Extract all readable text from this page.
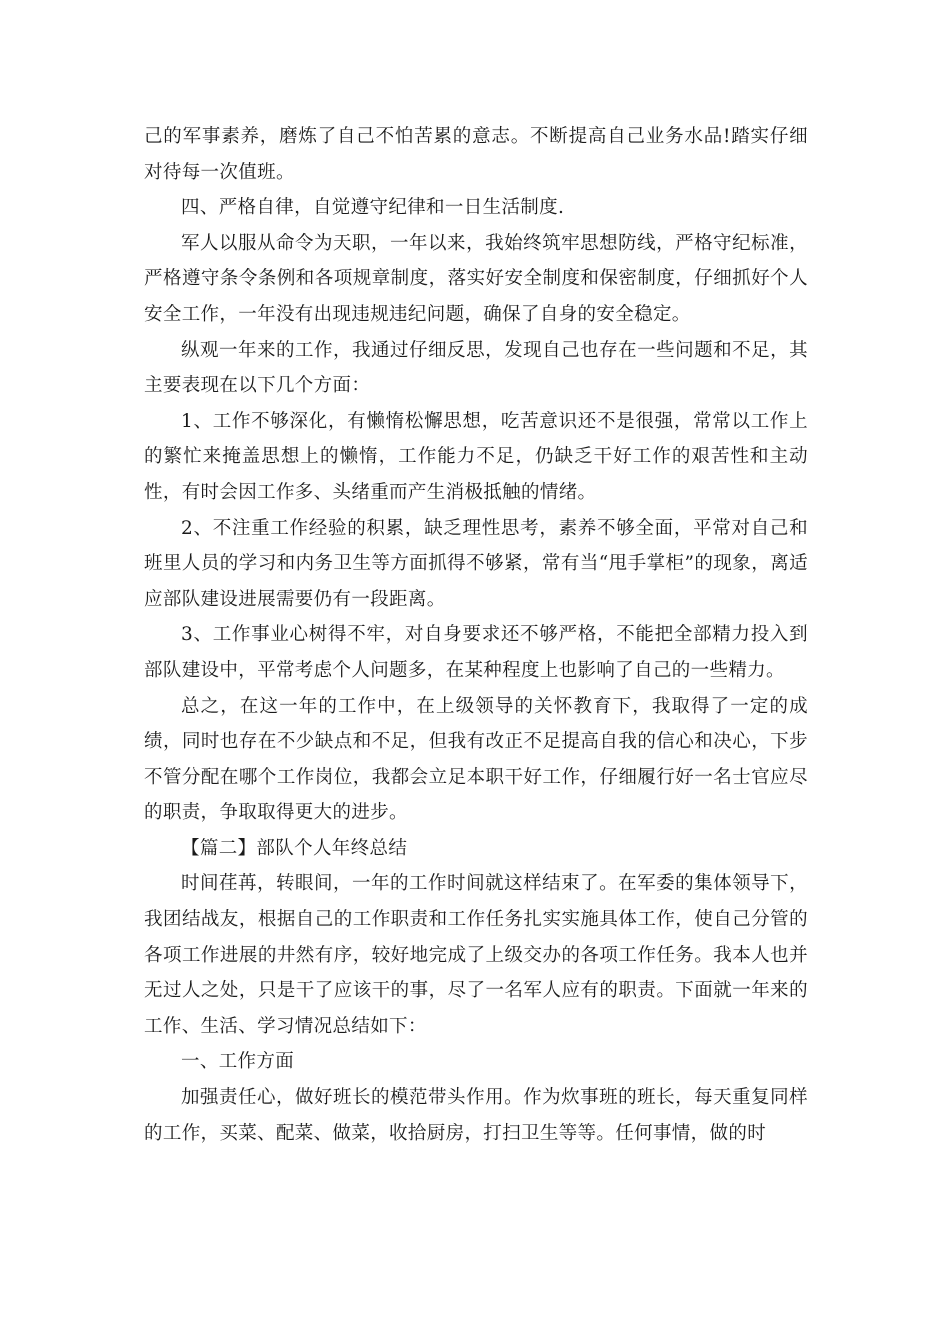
己的军事素养，磨炼了自己不怕苦累的意志。不断提高自己业务水品!踏实仔细对待每一次值班。

四、严格自律，自觉遵守纪律和一日生活制度.

军人以服从命令为天职，一年以来，我始终筑牢思想防线，严格守纪标准，严格遵守条令条例和各项规章制度，落实好安全制度和保密制度，仔细抓好个人安全工作，一年没有出现违规违纪问题，确保了自身的安全稳定。

纵观一年来的工作，我通过仔细反思，发现自己也存在一些问题和不足，其主要表现在以下几个方面：

1、工作不够深化，有懒惰松懈思想，吃苦意识还不是很强，常常以工作上的繁忙来掩盖思想上的懒惰，工作能力不足，仍缺乏干好工作的艰苦性和主动性，有时会因工作多、头绪重而产生消极抵触的情绪。

2、不注重工作经验的积累，缺乏理性思考，素养不够全面，平常对自己和班里人员的学习和内务卫生等方面抓得不够紧，常有当“甩手掌柜”的现象，离适应部队建设进展需要仍有一段距离。

3、工作事业心树得不牢，对自身要求还不够严格，不能把全部精力投入到部队建设中，平常考虑个人问题多，在某种程度上也影响了自己的一些精力。

总之，在这一年的工作中，在上级领导的关怀教育下，我取得了一定的成绩，同时也存在不少缺点和不足，但我有改正不足提高自我的信心和决心，下步不管分配在哪个工作岗位，我都会立足本职干好工作，仔细履行好一名士官应尽的职责，争取取得更大的进步。

【篇二】部队个人年终总结

时间荏苒，转眼间，一年的工作时间就这样结束了。在军委的集体领导下，我团结战友，根据自己的工作职责和工作任务扎实实施具体工作，使自己分管的各项工作进展的井然有序，较好地完成了上级交办的各项工作任务。我本人也并无过人之处，只是干了应该干的事，尽了一名军人应有的职责。下面就一年来的工作、生活、学习情况总结如下：

一、工作方面

加强责任心，做好班长的模范带头作用。作为炊事班的班长，每天重复同样的工作，买菜、配菜、做菜，收拾厨房，打扫卫生等等。任何事情，做的时
